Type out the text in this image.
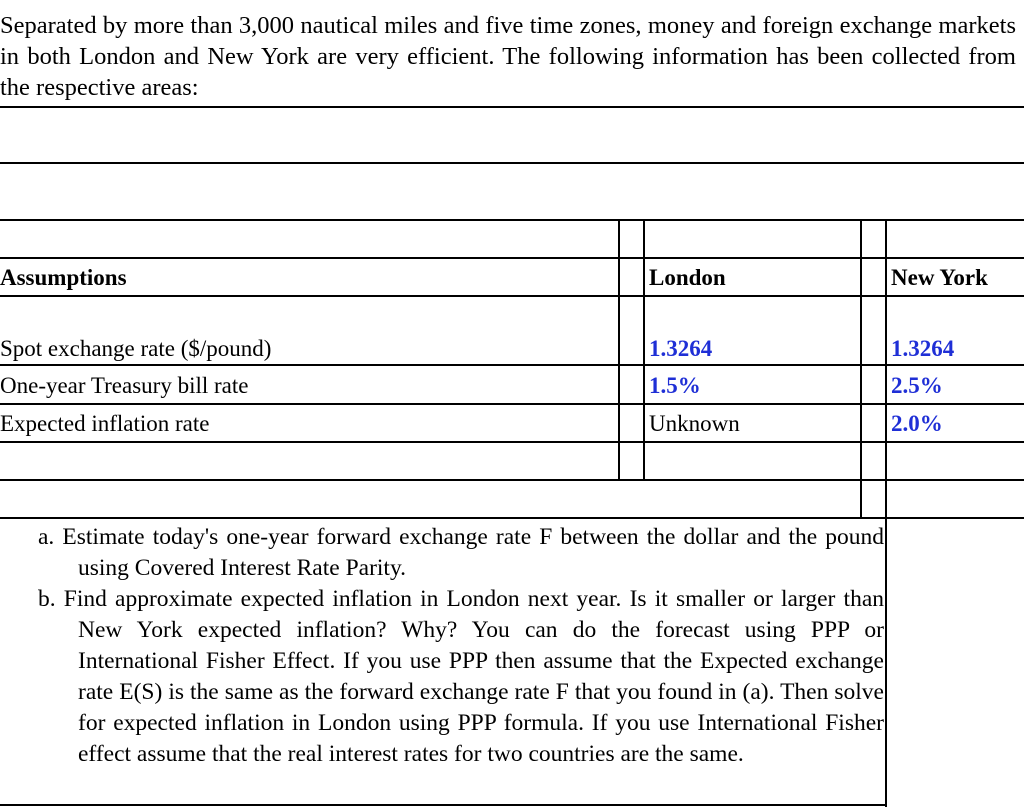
Separated by more than 3,000 nautical miles and five time zones, money and foreign exchange markets in both London and New York are very efficient. The following information has been collected from the respective areas:
Assumptions	London	New York
Spot exchange rate ($/pound)	1.3264	1.3264
One-year Treasury bill rate	1.5%	2.5%
Expected inflation rate	Unknown	2.0%

a. Estimate today's one-year forward exchange rate F between the dollar and the pound using Covered Interest Rate Parity.

b. Find approximate expected inflation in London next year. Is it smaller or larger than New York expected inflation? Why? You can do the forecast using PPP or International Fisher Effect. If you use PPP then assume that the Expected exchange rate E(S) is the same as the forward exchange rate F that you found in (a). Then solve for expected inflation in London using PPP formula. If you use International Fisher effect assume that the real interest rates for two countries are the same.
